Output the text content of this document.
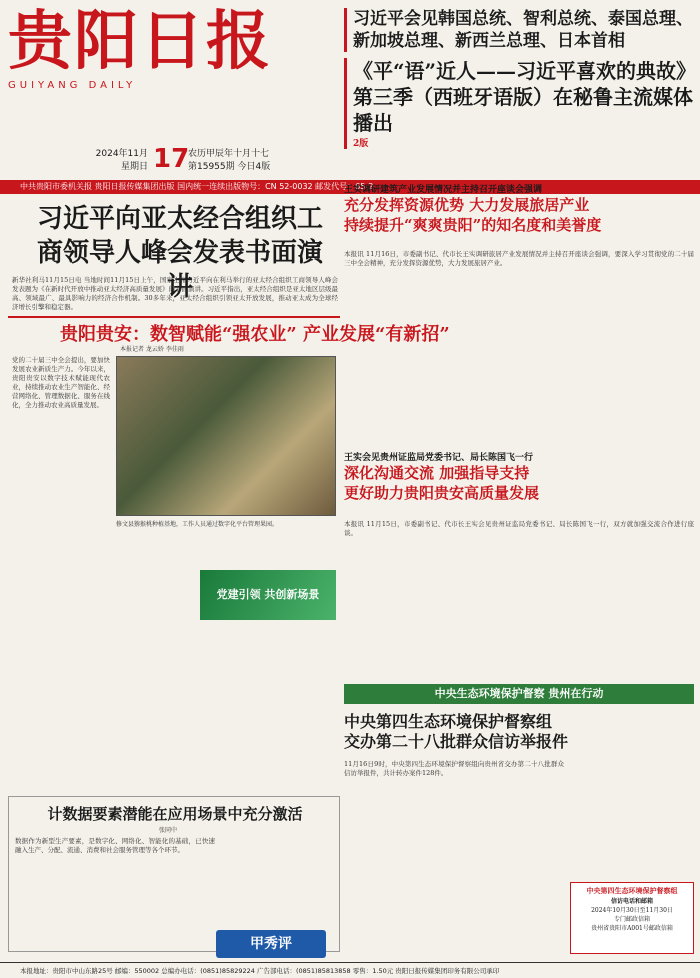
贵阳日报
GUIYANG DAILY
2024年11月
星期日 17
农历甲辰年十月十七
第15955期 今日4版
习近平会见韩国总统、智利总统、泰国总理、新加坡总理、新西兰总理、日本首相
《平“语”近人——习近平喜欢的典故》
第三季（西班牙语版）在秘鲁主流媒体播出
2版
中共贵阳市委机关报 贵阳日报传媒集团出版 国内统一连续出版物号：CN 52-0032 邮发代号：65-2
习近平向亚太经合组织工商领导人峰会发表书面演讲
新华社利马11月15日电 当地时间11月15日上午，国家主席习近平向在利马举行的亚太经合组织工商领导人峰会发表题为《在新时代开放中推动亚太经济高质量发展》的书面演讲。习近平指出，亚太经合组织是亚太地区层级最高、领域最广、最具影响力的经济合作机制。30多年来，亚太经合组织引领亚太开放发展，推动亚太成为全球经济增长引擎和稳定器。
王实调研建筑产业发展情况并主持召开座谈会强调
充分发挥资源优势 大力发展旅居产业
持续提升“爽爽贵阳”的知名度和美誉度
本报讯 11月16日，市委副书记、代市长王实调研旅居产业发展情况并主持召开座谈会强调，要深入学习贯彻党的二十届三中全会精神，充分发挥资源优势，大力发展旅居产业。
贵阳贵安：数智赋能“强农业” 产业发展“有新招”
本报记者 龙云娇 李佳雨
党的二十届三中全会提出，要加快发展农业新质生产力。今年以来，贵阳贵安以数字技术赋能现代农业，持续推动农业生产智能化、经营网络化、管理数据化、服务在线化，全力推动农业高质量发展。
修文县猕猴桃种植基地，工作人员通过数字化平台管理果园。
党建引领 共创新场景
王实会见贵州证监局党委书记、局长陈国飞一行
深化沟通交流 加强指导支持
更好助力贵阳贵安高质量发展
本报讯 11月15日，市委副书记、代市长王实会见贵州证监局党委书记、局长陈国飞一行，双方就加强交流合作进行座谈。
中央生态环境保护督察 贵州在行动
中央第四生态环境保护督察组
交办第二十八批群众信访举报件
11月16日9时，中央第四生态环境保护督察组向贵州省交办第二十八批群众信访举报件，共计转办案件128件。
计数据要素潜能在应用场景中充分激活
张同中
数据作为新型生产要素，是数字化、网络化、智能化的基础，已快速融入生产、分配、流通、消费和社会服务管理等各个环节。
甲秀评
中央第四生态环境保护督察组
信访电话和邮箱
2024年10月30日至11月30日
专门邮政信箱
贵州省贵阳市A001号邮政信箱
本报地址：贵阳市中山东路25号 邮编：550002 总编办电话：(0851)85829224 广告部电话：(0851)85813858 零售：1.50元 贵阳日报传媒集团印务有限公司承印
